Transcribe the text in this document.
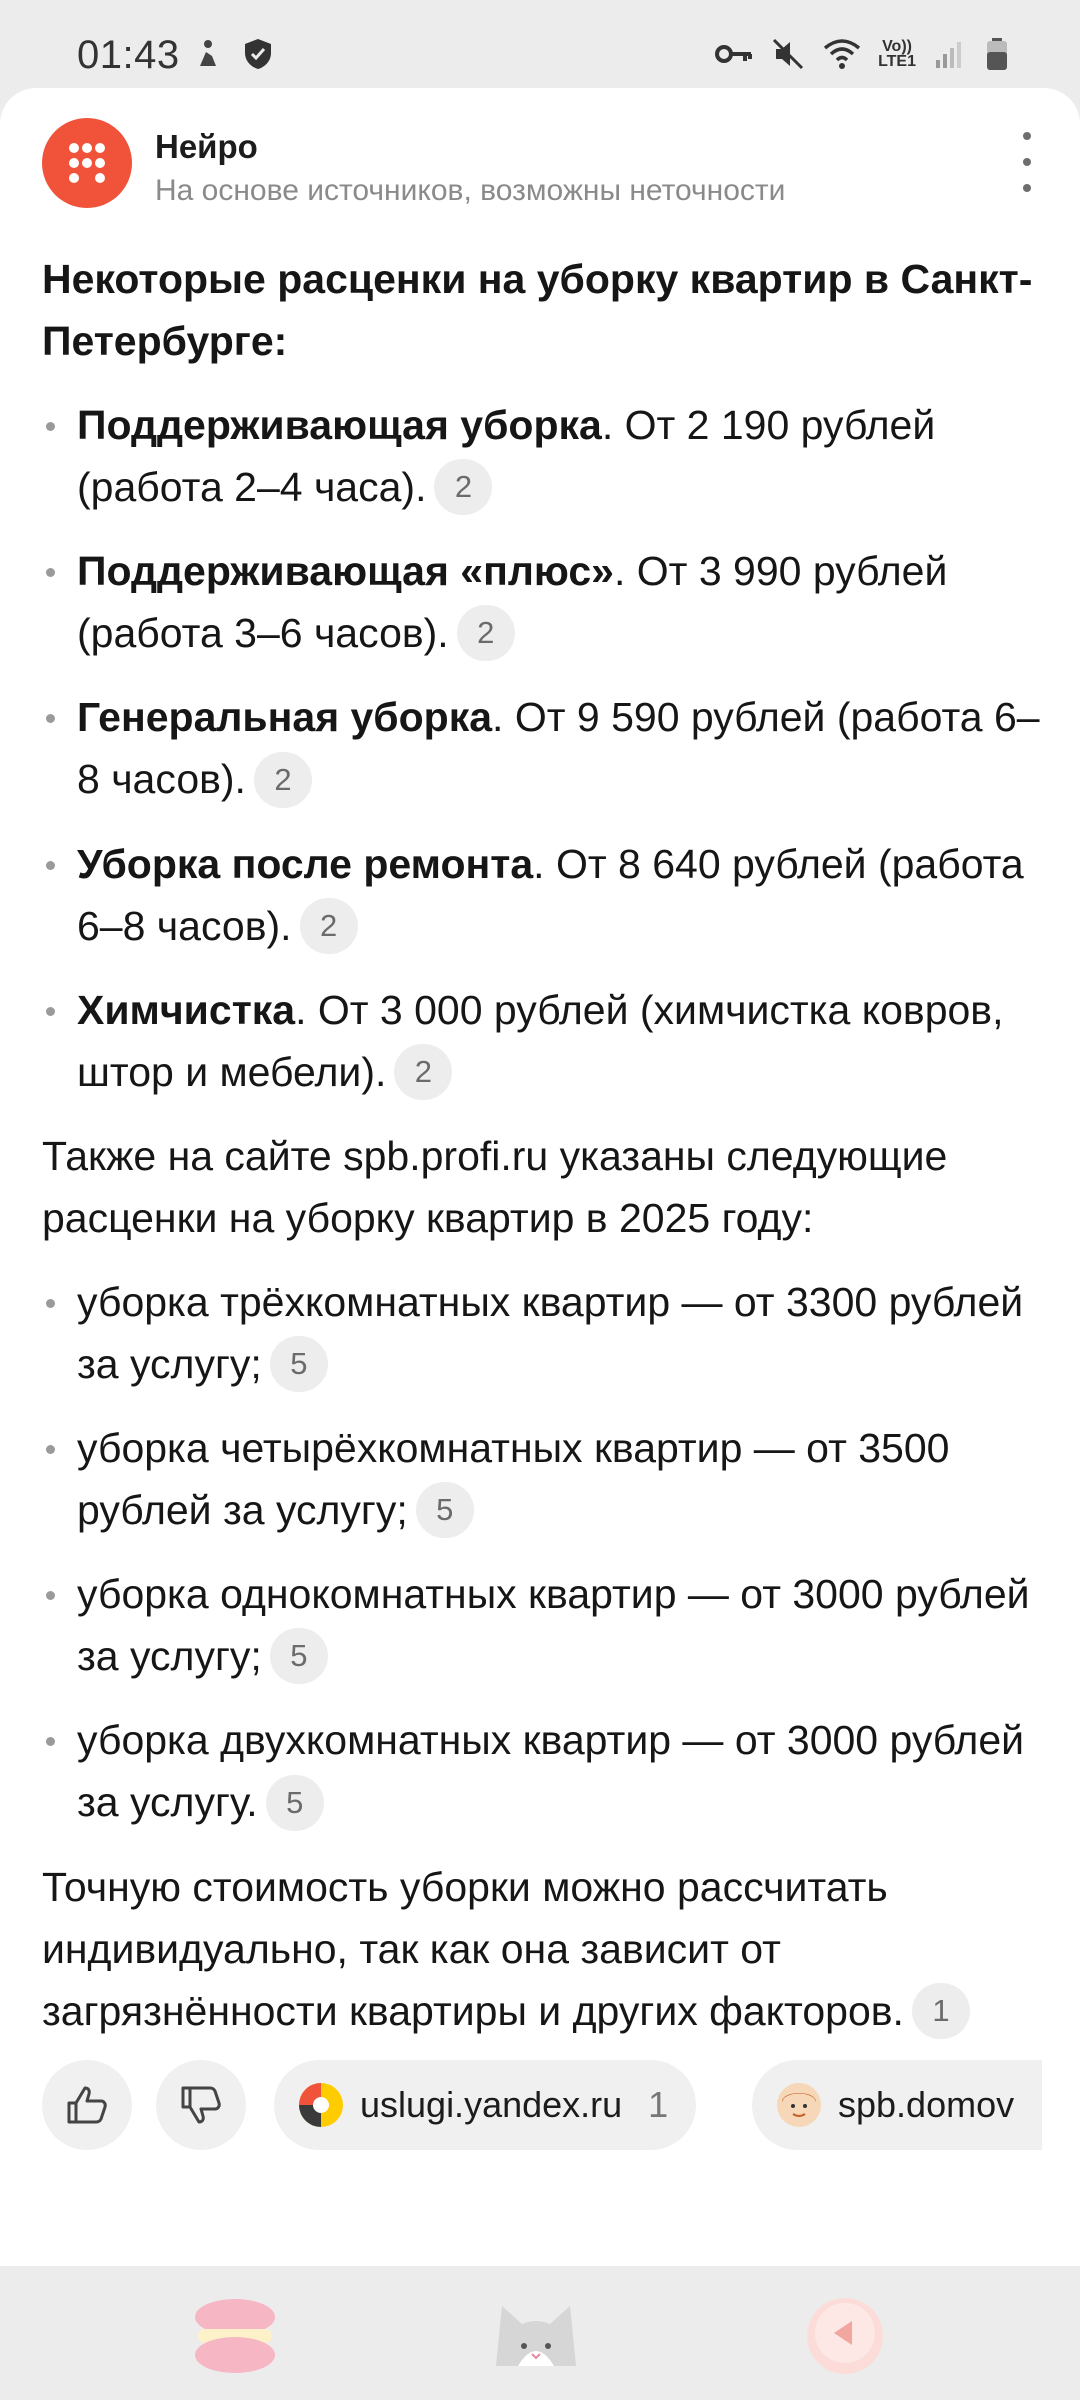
01:43	Vo))
LTE1
Нейро
На основе источников, возможны неточности
Некоторые расценки на уборку квартир в Санкт-Петербурге:
Поддерживающая уборка. От 2 190 рублей (работа 2–4 часа). 2
Поддерживающая «плюс». От 3 990 рублей (работа 3–6 часов). 2
Генеральная уборка. От 9 590 рублей (работа 6–8 часов). 2
Уборка после ремонта. От 8 640 рублей (работа 6–8 часов). 2
Химчистка. От 3 000 рублей (химчистка ковров, штор и мебели). 2

Также на сайте spb.profi.ru указаны следующие расценки на уборку квартир в 2025 году:

уборка трёхкомнатных квартир — от 3300 рублей за услугу; 5
уборка четырёхкомнатных квартир — от 3500 рублей за услугу; 5
уборка однокомнатных квартир — от 3000 рублей за услугу; 5
уборка двухкомнатных квартир — от 3000 рублей за услугу. 5

Точную стоимость уборки можно рассчитать индивидуально, так как она зависит от загрязнённости квартиры и других факторов. 1

uslugi.yandex.ru 1	spb.domov
